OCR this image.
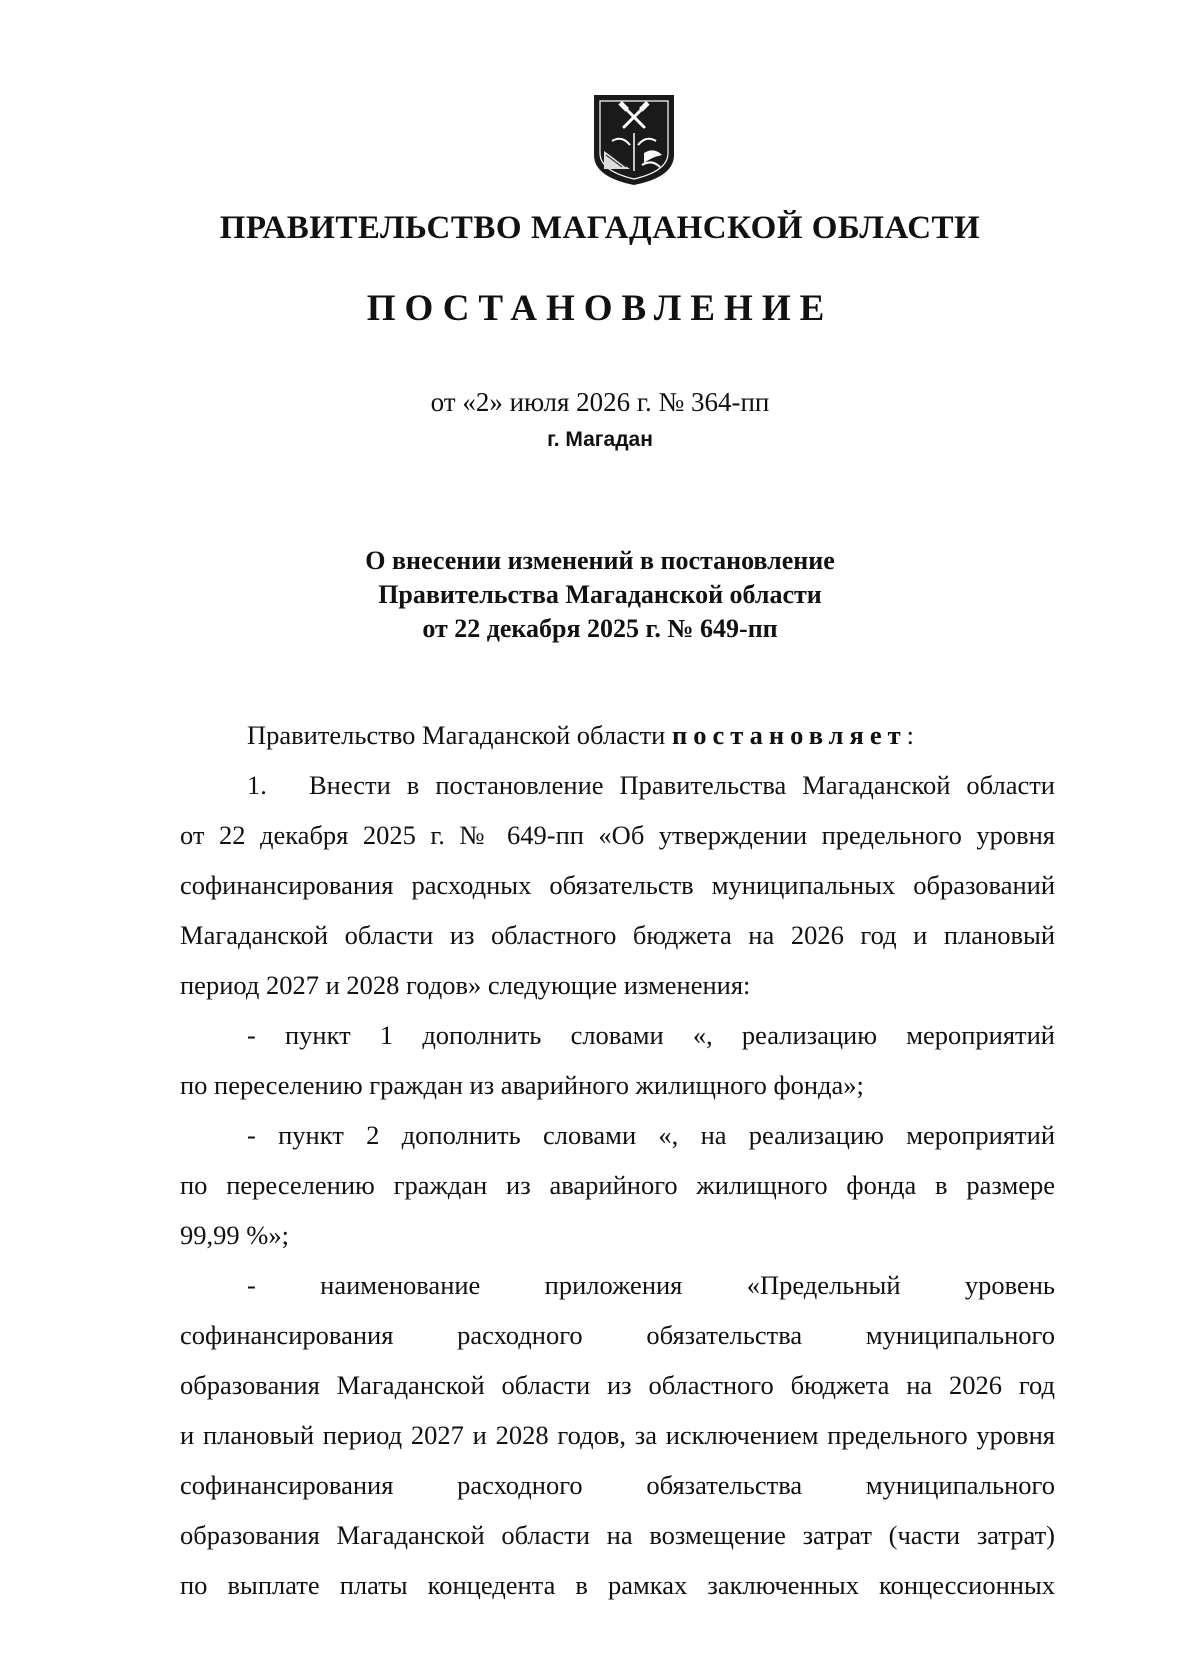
ПРАВИТЕЛЬСТВО МАГАДАНСКОЙ ОБЛАСТИ
ПОСТАНОВЛЕНИЕ

от «2» июля 2026 г. № 364-пп

г. Магадан

О внесении изменений в постановление
Правительства Магаданской области
от 22 декабря 2025 г. № 649-пп

Правительство Магаданской области постановляет:

1. Внести в постановление Правительства Магаданской области
от 22 декабря 2025 г. № 649-пп «Об утверждении предельного уровня
софинансирования расходных обязательств муниципальных образований
Магаданской области из областного бюджета на 2026 год и плановый
период 2027 и 2028 годов» следующие изменения:

- пункт 1 дополнить словами «, реализацию мероприятий
по переселению граждан из аварийного жилищного фонда»;

- пункт 2 дополнить словами «, на реализацию мероприятий
по переселению граждан из аварийного жилищного фонда в размере
99,99 %»;

- наименование приложения «Предельный уровень
софинансирования расходного обязательства муниципального
образования Магаданской области из областного бюджета на 2026 год
и плановый период 2027 и 2028 годов, за исключением предельного уровня
софинансирования расходного обязательства муниципального
образования Магаданской области на возмещение затрат (части затрат)
по выплате платы концедента в рамках заключенных концессионных
